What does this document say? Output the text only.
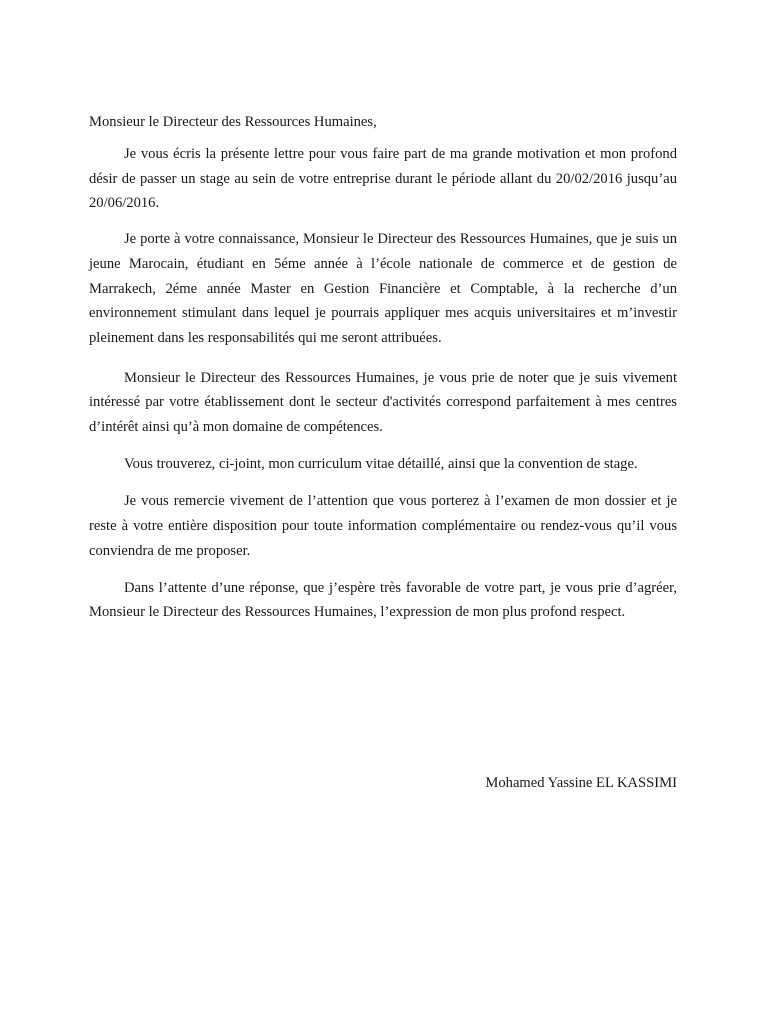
Monsieur le Directeur des Ressources Humaines,

Je vous écris la présente lettre pour vous faire part de ma grande motivation et mon profond désir de passer un stage au sein de votre entreprise durant le période allant du 20/02/2016 jusqu’au 20/06/2016.

Je porte à votre connaissance, Monsieur le Directeur des Ressources Humaines, que je suis un jeune Marocain, étudiant en 5éme année à l’école nationale de commerce et de gestion de Marrakech, 2éme année Master en Gestion Financière et Comptable, à la recherche d’un environnement stimulant dans lequel je pourrais appliquer mes acquis universitaires et m’investir pleinement dans les responsabilités qui me seront attribuées.

Monsieur le Directeur des Ressources Humaines, je vous prie de noter que je suis vivement intéressé par votre établissement dont le secteur d'activités correspond parfaitement à mes centres d’intérêt ainsi qu’à mon domaine de compétences.

Vous trouverez, ci-joint, mon curriculum vitae détaillé, ainsi que la convention de stage.

Je vous remercie vivement de l’attention que vous porterez à l’examen de mon dossier et je reste à votre entière disposition pour toute information complémentaire ou rendez-vous qu’il vous conviendra de me proposer.

Dans l’attente d’une réponse, que j’espère très favorable de votre part, je vous prie d’agréer, Monsieur le Directeur des Ressources Humaines, l’expression de mon plus profond respect.

Mohamed Yassine EL KASSIMI
